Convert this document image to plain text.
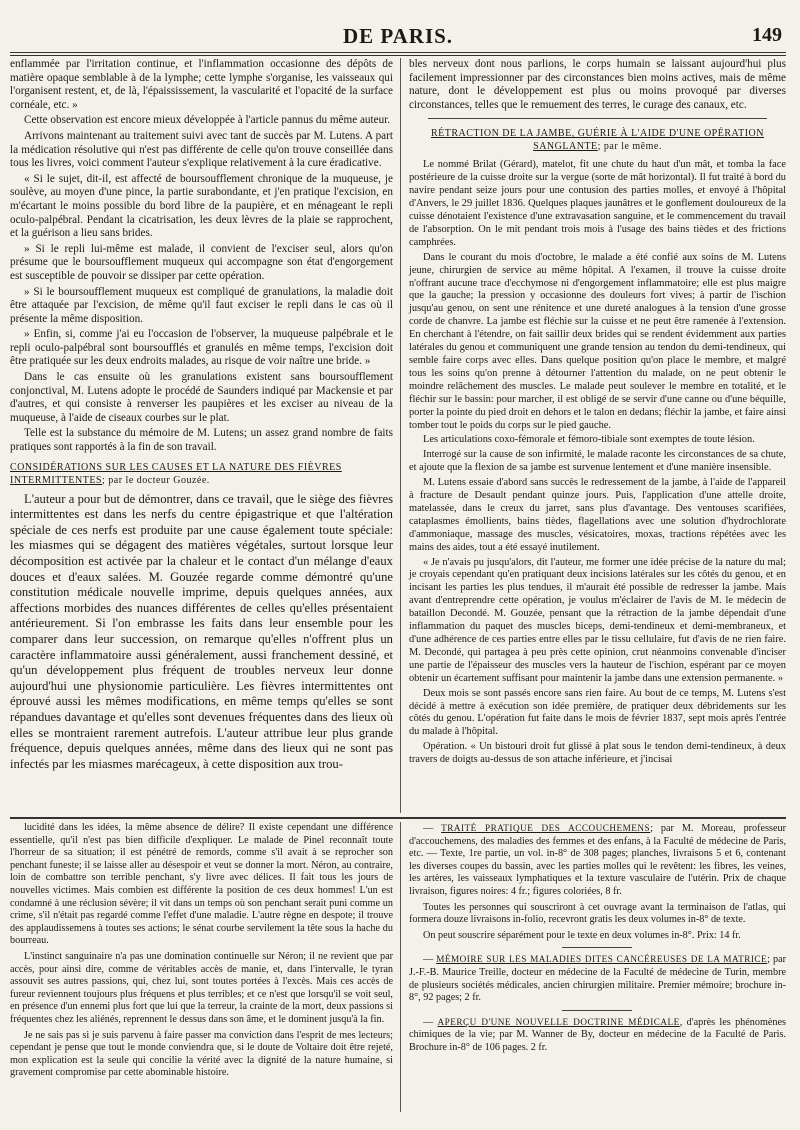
DE PARIS.	149

enflammée par l'irritation continue, et l'inflammation occasionne des dépôts de matière opaque semblable à de la lymphe; cette lymphe s'organise, les vaisseaux qui l'organisent restent, et, de là, l'épaississement, la vascularité et l'opacité de la surface cornéale, etc. »

Cette observation est encore mieux développée à l'article pannus du même auteur.

Arrivons maintenant au traitement suivi avec tant de succès par M. Lutens. A part la médication résolutive qui n'est pas différente de celle qu'on trouve conseillée dans tous les livres, voici comment l'auteur s'explique relativement à la cure éradicative.

« Si le sujet, dit-il, est affecté de boursoufflement chronique de la muqueuse, je soulève, au moyen d'une pince, la partie surabondante, et j'en pratique l'excision, en m'écartant le moins possible du bord libre de la paupière, et en ménageant le repli oculo-palpébral. Pendant la cicatrisation, les deux lèvres de la plaie se rapprochent, et la guérison a lieu sans brides.

» Si le repli lui-même est malade, il convient de l'exciser seul, alors qu'on présume que le boursoufflement muqueux qui accompagne son état d'engorgement est susceptible de pouvoir se dissiper par cette opération.

» Si le boursoufflement muqueux est compliqué de granulations, la maladie doit être attaquée par l'excision, de même qu'il faut exciser le repli dans le cas où il présente la même disposition.

» Enfin, si, comme j'ai eu l'occasion de l'observer, la muqueuse palpébrale et le repli oculo-palpébral sont boursoufflés et granulés en même temps, l'excision doit être pratiquée sur les deux endroits malades, au risque de voir naître une bride. »

Dans le cas ensuite où les granulations existent sans boursoufflement conjonctival, M. Lutens adopte le procédé de Saunders indiqué par Mackensie et par d'autres, et qui consiste à renverser les paupières et les exciser au niveau de la muqueuse, à l'aide de ciseaux courbes sur le plat.

Telle est la substance du mémoire de M. Lutens; un assez grand nombre de faits pratiques sont rapportés à la fin de son travail.

CONSIDÉRATIONS SUR LES CAUSES ET LA NATURE DES FIÈVRES INTERMITTENTES; par le docteur Gouzée.

L'auteur a pour but de démontrer, dans ce travail, que le siège des fièvres intermittentes est dans les nerfs du centre épigastrique et que l'altération spéciale de ces nerfs est produite par une cause également toute spéciale: les miasmes qui se dégagent des matières végétales, surtout lorsque leur décomposition est activée par la chaleur et le contact d'un mélange d'eaux douces et d'eaux salées. M. Gouzée regarde comme démontré qu'une constitution médicale nouvelle imprime, depuis quelques années, aux affections morbides des nuances différentes de celles qu'elles présentaient antérieurement. Si l'on embrasse les faits dans leur ensemble pour les comparer dans leur succession, on remarque qu'elles n'offrent plus un caractère inflammatoire aussi généralement, aussi franchement dessiné, et qu'un développement plus fréquent de troubles nerveux leur donne aujourd'hui une physionomie particulière. Les fièvres intermittentes ont éprouvé aussi les mêmes modifications, en même temps qu'elles se sont répandues davantage et qu'elles sont devenues fréquentes dans des lieux où elles se montraient rarement autrefois. L'auteur attribue leur plus grande fréquence, depuis quelques années, même dans des lieux qui ne sont pas infectés par les miasmes marécageux, à cette disposition aux trou-

bles nerveux dont nous parlions, le corps humain se laissant aujourd'hui plus facilement impressionner par des circonstances bien moins actives, mais de même nature, dont le développement est plus ou moins provoqué par diverses circonstances, telles que le remuement des terres, le curage des canaux, etc.

RÉTRACTION DE LA JAMBE, GUÉRIE À L'AIDE D'UNE OPÉRATION SANGLANTE; par le même.

Le nommé Brilat (Gérard), matelot, fit une chute du haut d'un mât, et tomba la face postérieure de la cuisse droite sur la vergue (sorte de mât horizontal). Il fut traité à bord du navire pendant seize jours pour une contusion des parties molles, et envoyé à l'hôpital d'Anvers, le 29 juillet 1836. Quelques plaques jaunâtres et le gonflement douloureux de la cuisse dénotaient l'existence d'une extravasation sanguine, et le commencement du travail de l'absorption. On le mit pendant trois mois à l'usage des bains tièdes et des frictions camphrées.

Dans le courant du mois d'octobre, le malade a été confié aux soins de M. Lutens jeune, chirurgien de service au même hôpital. A l'examen, il trouve la cuisse droite n'offrant aucune trace d'ecchymose ni d'engorgement inflammatoire; elle est plus maigre que la gauche; la pression y occasionne des douleurs fort vives; à partir de l'ischion jusqu'au genou, on sent une rénitence et une dureté analogues à la tension d'une grosse corde de chanvre. La jambe est fléchie sur la cuisse et ne peut être ramenée à l'extension. En cherchant à l'étendre, on fait saillir deux brides qui se rendent évidemment aux parties latérales du genou et communiquent une grande tension au tendon du demi-tendineux, qui semble faire corps avec elles. Dans quelque position qu'on place le membre, et malgré tous les soins qu'on prenne à détourner l'attention du malade, on ne peut obtenir le moindre relâchement des muscles. Le malade peut soulever le membre en totalité, et le fléchir sur le bassin: pour marcher, il est obligé de se servir d'une canne ou d'une béquille, porter la pointe du pied droit en dehors et le talon en dedans; fléchir la jambe, et faire ainsi tomber tout le poids du corps sur le pied gauche.

Les articulations coxo-fémorale et fémoro-tibiale sont exemptes de toute lésion.

Interrogé sur la cause de son infirmité, le malade raconte les circonstances de sa chute, et ajoute que la flexion de sa jambe est survenue lentement et d'une manière insensible.

M. Lutens essaie d'abord sans succès le redressement de la jambe, à l'aide de l'appareil à fracture de Desault pendant quinze jours. Puis, l'application d'une attelle droite, matelassée, dans le creux du jarret, sans plus d'avantage. Des ventouses scarifiées, cataplasmes émollients, bains tièdes, flagellations avec une solution d'hydrochlorate d'ammoniaque, massage des muscles, vésicatoires, moxas, tractions répétées avec les mains des aides, tout a été essayé inutilement.

« Je n'avais pu jusqu'alors, dit l'auteur, me former une idée précise de la nature du mal; je croyais cependant qu'en pratiquant deux incisions latérales sur les côtés du genou, et en incisant les parties les plus tendues, il m'aurait été possible de redresser la jambe. Mais avant d'entreprendre cette opération, je voulus m'éclairer de l'avis de M. le médecin de bataillon Decondé. M. Gouzée, pensant que la rétraction de la jambe dépendait d'une inflammation du paquet des muscles biceps, demi-tendineux et demi-membraneux, et d'une adhérence de ces parties entre elles par le tissu cellulaire, fut d'avis de ne rien faire. M. Decondé, qui partagea à peu près cette opinion, crut néanmoins convenable d'inciser une partie de l'épaisseur des muscles vers la hauteur de l'ischion, espérant par ce moyen obtenir un écartement suffisant pour maintenir la jambe dans une extension permanente. »

Deux mois se sont passés encore sans rien faire. Au bout de ce temps, M. Lutens s'est décidé à mettre à exécution son idée première, de pratiquer deux débridements sur les côtés du genou. L'opération fut faite dans le mois de février 1837, sept mois après l'entrée du malade à l'hôpital.

Opération. « Un bistouri droit fut glissé à plat sous le tendon demi-tendineux, à deux travers de doigts au-dessus de son attache inférieure, et j'incisai

lucidité dans les idées, la même absence de délire? Il existe cependant une différence essentielle, qu'il n'est pas bien difficile d'expliquer. Le malade de Pinel reconnaît toute l'horreur de sa situation; il est pénétré de remords, comme s'il avait à se reprocher son penchant funeste; il se laisse aller au désespoir et veut se donner la mort. Néron, au contraire, loin de combattre son terrible penchant, s'y livre avec délices. Il fait tous les jours de nouvelles victimes. Mais combien est différente la position de ces deux hommes! L'un est condamné à une réclusion sévère; il vit dans un temps où son penchant serait puni comme un crime, s'il n'était pas regardé comme l'effet d'une maladie. L'autre règne en despote; il trouve des applaudissemens à toutes ses actions; le sénat courbe servilement la tête sous la hache du bourreau.

L'instinct sanguinaire n'a pas une domination continuelle sur Néron; il ne revient que par accès, pour ainsi dire, comme de véritables accès de manie, et, dans l'intervalle, le tyran assouvit ses autres passions, qui, chez lui, sont toutes portées à l'excès. Mais ces accès de fureur reviennent toujours plus fréquens et plus terribles; et ce n'est que lorsqu'il se voit seul, en présence d'un ennemi plus fort que lui que la terreur, la crainte de la mort, deux passions si fréquentes chez les aliénés, reprennent le dessus dans son âme, et le dominent jusqu'à la fin.

Je ne sais pas si je suis parvenu à faire passer ma conviction dans l'esprit de mes lecteurs; cependant je pense que tout le monde conviendra que, si le doute de Voltaire doit être rejeté, mon explication est la seule qui concilie la vérité avec la dignité de la nature humaine, si gravement compromise par cette abominable histoire.

— TRAITÉ PRATIQUE DES ACCOUCHEMENS; par M. Moreau, professeur d'accouchemens, des maladies des femmes et des enfans, à la Faculté de médecine de Paris, etc. — Texte, 1re partie, un vol. in-8° de 308 pages; planches, livraisons 5 et 6, contenant les diverses coupes du bassin, avec les parties molles qui le revêtent: les fibres, les veines, les artères, les vaisseaux lymphatiques et la texture vasculaire de l'utérin. Prix de chaque livraison, figures noires: 4 fr.; figures coloriées, 8 fr.

Toutes les personnes qui souscriront à cet ouvrage avant la terminaison de l'atlas, qui formera douze livraisons in-folio, recevront gratis les deux volumes in-8° de texte.

On peut souscrire séparément pour le texte en deux volumes in-8°. Prix: 14 fr.

— MÉMOIRE SUR LES MALADIES DITES CANCÉREUSES DE LA MATRICE; par J.-F.-B. Maurice Treille, docteur en médecine de la Faculté de médecine de Turin, membre de plusieurs sociétés médicales, ancien chirurgien militaire. Premier mémoire; brochure in-8°, 92 pages; 2 fr.

— APERÇU D'UNE NOUVELLE DOCTRINE MÉDICALE, d'après les phénomènes chimiques de la vie; par M. Wanner de By, docteur en médecine de la Faculté de Paris. Brochure in-8° de 106 pages. 2 fr.
